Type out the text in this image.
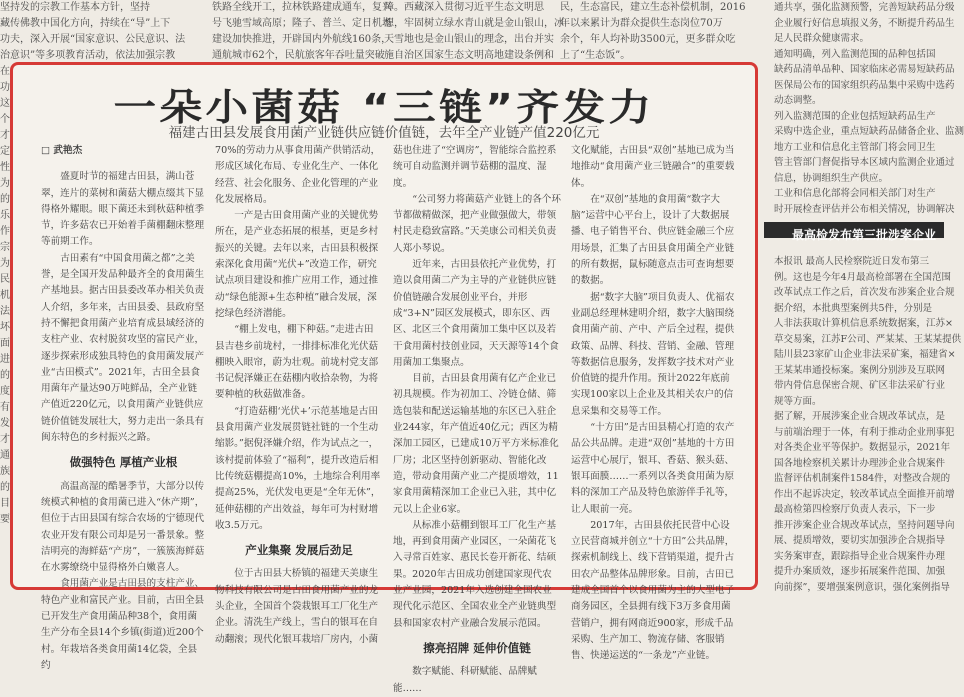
坚持发的宗教工作基本方针，坚持
藏传佛教中国化方向，持续在“导”上下
功夫，深入开展“国家意识、公民意识、法
治意识”等多项教育活动，依法加强宗教
铁路全线开工，拉林铁路建成通车，复兴
号飞驰雪域高原；隆子、普兰、定日机场
建设加快推进，开辟国内外航线160条，
通航城市62个，民航旅客年吞吐量突破
障。西藏深入贯彻习近平生态文明思
想，牢固树立绿水青山就是金山银山，冰
天雪地也是金山银山的理念，出台并实
施自治区国家生态文明高地建设条例和
民，生态富民，建立生态补偿机制，2016
年以来累计为群众提供生态岗位70万
余个，年人均补助3500元，更多群众吃
上了“生态饭”。
在
功
这
个
才
定
性
为
的
乐
作
宗
为
民
机
法
坏
面
进
的
度
有
发
才
通
族
的
目
要
一朵小菌菇 “三链”齐发力
福建古田县发展食用菌产业链供应链价值链，去年全产业链产值220亿元
□ 武艳杰

盛夏时节的福建古田县，满山苍翠，连片的菜树和菌菇大棚点缀其下显得格外耀眼。眼下菌还未到秋菇种植季节，许多菇农已开始着手菌棚翻床整理等前期工作。

古田素有“中国食用菌之都”之美誉，是全国开发品种最齐全的食用菌生产基地县。据古田县委改革办相关负责人介绍，多年来，古田县委、县政府坚持不懈把食用菌产业培育成县域经济的支柱产业、农村脱贫攻坚的富民产业，逐步探索形成独具特色的食用菌发展产业“古田模式”。2021年，古田全县食用菌年产量达90万吨鲜品，全产业链产值近220亿元，以食用菌产业链供应链价值链发展壮大，努力走出一条具有闽东特色的乡村振兴之路。

做强特色 厚植产业根

高温高湿的酷暑季节，大部分以传统模式种植的食用菌已进入“休产期”，但位于古田县国有综合农场的宁德现代农业开发有限公司却是另一番景象。整洁明亮的海鲜菇“产房”，一簇簇海鲜菇在水雾缭绕中显得格外白嫩喜人。

食用菌产业是古田县的支柱产业、特色产业和富民产业。目前，古田全县已开发生产食用菌品种38个，食用菌生产分布全县14个乡镇(街道)近200个村。年栽培各类食用菌14亿袋，全县约

70%的劳动力从事食用菌产供销活动，形成区域化布局、专业化生产、一体化经营、社会化服务、企业化管理的产业化发展格局。

一产是古田食用菌产业的关键优势所在，是产业态拓展的根基，更是乡村振兴的关键。去年以来，古田县积极探索深化食用菌“光伏+”改造工作，研究试点项目建设和推广应用工作，通过推动“绿色能源+生态种植”融合发展，深挖绿色经济潜能。

“棚上发电，棚下种菇。”走进古田县吉巷乡前垅村，一排排标准化光伏菇棚映入眼帘，蔚为壮观。前垅村党支部书记倪泽嫌正在菇棚内收拾杂物，为将要种植的秋菇做准备。

“打造菇棚‘光伏+’示范基地是古田县食用菌产业发展贯链社链的一个生动缩影。”据倪泽嫌介绍，作为试点之一，该村提前体验了“福利”，提升改造后相比传统菇棚提高10%，土地综合利用率提高25%，光伏发电更是“全年无休”，延伸菇棚的产出效益，每年可为村财增收3.5万元。

产业集聚 发展后劲足

位于古田县大桥镇的福建天美康生物科技有限公司是古田食用菌产业的龙头企业，全国首个袋栽银耳工厂化生产企业。清洗生产线上，雪白的银耳在自动翻滚；现代化银耳栽培厂房内，小菌

菇也住进了“空调房”，智能综合监控系统可自动监测并调节菇棚的温度、湿度。

“公司努力将菌菇产业链上的各个环节都做精做深，把产业做强做大，带领村民走稳致富路。”天美康公司相关负责人郑小琴说。

近年来，古田县依托产业优势，打造以食用菌二产为主导的产业链供应链价值链融合发展创业平台，并形成“3+N”园区发展模式，即东区、西区、北区三个食用菌加工集中区以及若干食用菌村技创业园，天天源等14个食用菌加工集聚点。

目前，古田县食用菌有亿产企业已初具规模。作为初加工、冷链仓储、筛选包装和配送运输基地的东区已入驻企业244家，年产值近40亿元；西区为精深加工园区，已建成10万平方米标准化厂房；北区坚持创新驱动、智能化改造，带动食用菌产业二产提质增效，11家食用菌精深加工企业已入驻，其中亿元以上企业6家。

从标准小菇棚到银耳工厂化生产基地，再到食用菌产业园区，一朵菌花飞入寻常百姓家、惠民长卷开新花、结硕果。2020年古田成功创建国家现代农业产业园，2021年入选创建全国农业现代化示范区、全国农业全产业链典型县和国家农村产业融合发展示范园。

擦亮招牌 延伸价值链

数字赋能、科研赋能、品牌赋能……

文化赋能，古田县“双创”基地已成为当地推动“食用菌产业三链融合”的重要载体。

在“双创”基地的食用菌“数字大脑”运营中心平台上，设计了大数据展播、电子销售平台、供应链金融三个应用场景，汇集了古田县食用菌全产业链的所有数据，鼠标随意点击可查询想要的数据。

据“数字大脑”项目负责人、优福农业副总经理林建明介绍，数字大脑围绕食用菌产前、产中、产后全过程，提供政策、品牌、科技、营销、金融、管理等数据信息服务，发挥数字技术对产业价值链的提升作用。预计2022年底前实现100家以上企业及其相关农户的信息采集和交易等工作。

“十方田”是古田县精心打造的农产品公共品牌。走进“双创”基地的十方田运营中心展厅，银耳、香菇、猴头菇、银耳面膜……一系列以各类食用菌为原料的深加工产品及特色旅游伴手礼等，让人眼前一亮。

2017年，古田县依托民营中心设立民营商城并创立“十方田”公共品牌，探索机制线上、线下营销渠道，提升古田农产品整体品牌形象。目前，古田已建成全国首个以食用菌为主的大型电子商务园区，全县拥有线下3万多食用菌营销户，拥有网商近900家，形成千品采购、生产加工、物流存储、客服销售、快递运送的“一条龙”产业链。

通共享，强化监测预警，完善短缺药品分级
企业履行好信息填报义务，不断提升药品生
足人民群众健康需求。
通知明确，列入监测范围的品种包括国
缺药品清单品种、国家临床必需易短缺药品
医保局公布的国家组织药品集中采购中选药
动态调整。
列入监测范围的企业包括短缺药品生产
采购中选企业，重点短缺药品储备企业、监测
地方工业和信息化主管部门将会同卫生
管主管部门督促指导本区域内监测企业通过
信息，协调组织生产供应。
工业和信息化部将会同相关部门对生产
时开展检查评估并公布相关情况，协调解决
最高检发布第三批涉案企业
本报讯 最高人民检察院近日发布第三
例。这也是今年4月最高检部署在全国范围
改革试点工作之后，首次发布涉案企业合规
据介绍，本批典型案例共5件，分别是
人非法获取计算机信息系统数据案，江苏×
草交易案，江苏F公司、严某某、王某某提供
陆川县23家矿山企业非法采矿案，福建省×
王某某串通投标案。案例分别涉及互联网
带内骨信息保密合规、矿区非法采矿行业
规等方面。
据了解，开展涉案企业合规改革试点，是
与前端治理于一体，有利于推动企业刑事犯
对各类企业平等保护。数据显示，2021年
国各地检察机关累计办理涉企业合规案件
监督评估机制案件1584件，对整改合规的
作出不起诉决定，较改革试点全面推开前增
最高检第四检察厅负责人表示，下一步
推开涉案企业合规改革试点，坚持问题导向
展、提质增效，要切实加强涉企合规指导
实务案审查，跟踪指导企业合规案件办理
提升办案质效，逐步拓展案件范围、加强
向前探”，要增强案例意识，强化案例指导
